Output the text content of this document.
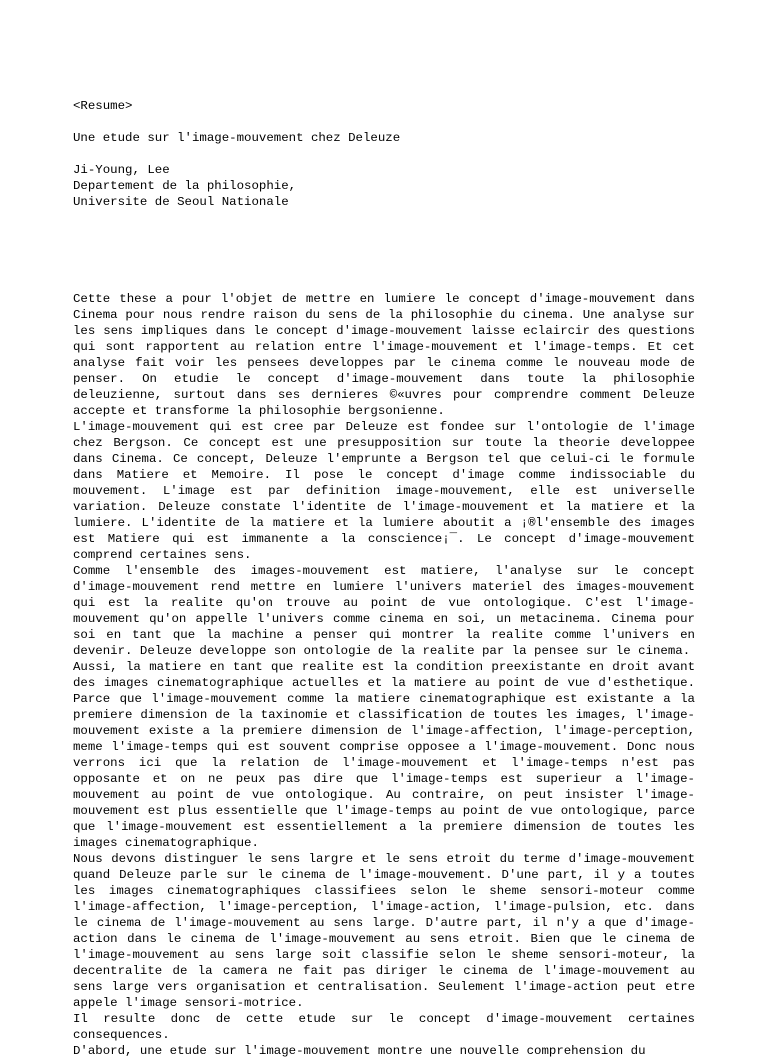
<Resume>
Une etude sur l'image-mouvement chez Deleuze
Ji-Young, Lee
Departement de la philosophie,
Universite de Seoul Nationale
Cette these a pour l'objet de mettre en lumiere le concept d'image-mouvement dans Cinema pour nous rendre raison du sens de la philosophie du cinema. Une analyse sur les sens impliques dans le concept d'image-mouvement laisse eclaircir des questions qui sont rapportent au relation entre l'image-mouvement et l'image-temps. Et cet analyse fait voir les pensees developpes par le cinema comme le nouveau mode de penser. On etudie le concept d'image-mouvement dans toute la philosophie deleuzienne, surtout dans ses dernieres ©«uvres pour comprendre comment Deleuze accepte et transforme la philosophie bergsonienne.
L'image-mouvement qui est cree par Deleuze est fondee sur l'ontologie de l'image chez Bergson. Ce concept est une presupposition sur toute la theorie developpee dans Cinema. Ce concept, Deleuze l'emprunte a Bergson tel que celui-ci le formule dans Matiere et Memoire. Il pose le concept d'image comme indissociable du mouvement. L'image est par definition image-mouvement, elle est universelle variation. Deleuze constate l'identite de l'image-mouvement et la matiere et la lumiere. L'identite de la matiere et la lumiere aboutit a ¡®l'ensemble des images est Matiere qui est immanente a la conscience¡¯. Le concept d'image-mouvement comprend certaines sens.
Comme l'ensemble des images-mouvement est matiere, l'analyse sur le concept d'image-mouvement rend mettre en lumiere l'univers materiel des images-mouvement qui est la realite qu'on trouve au point de vue ontologique. C'est l'image-mouvement qu'on appelle l'univers comme cinema en soi, un metacinema. Cinema pour soi en tant que la machine a penser qui montrer la realite comme l'univers en devenir. Deleuze developpe son ontologie de la realite par la pensee sur le cinema.
Aussi, la matiere en tant que realite est la condition preexistante en droit avant des images cinematographique actuelles et la matiere au point de vue d'esthetique. Parce que l'image-mouvement comme la matiere cinematographique est existante a la premiere dimension de la taxinomie et classification de toutes les images, l'image-mouvement existe a la premiere dimension de l'image-affection, l'image-perception, meme l'image-temps qui est souvent comprise opposee a l'image-mouvement. Donc nous verrons ici que la relation de l'image-mouvement et l'image-temps n'est pas opposante et on ne peux pas dire que l'image-temps est superieur a l'image-mouvement au point de vue ontologique. Au contraire, on peut insister l'image-mouvement est plus essentielle que l'image-temps au point de vue ontologique, parce que l'image-mouvement est essentiellement a la premiere dimension de toutes les images cinematographique.
Nous devons distinguer le sens largre et le sens etroit du terme d'image-mouvement quand Deleuze parle sur le cinema de l'image-mouvement. D'une part, il y a toutes les images cinematographiques classifiees selon le sheme sensori-moteur comme l'image-affection, l'image-perception, l'image-action, l'image-pulsion, etc. dans le cinema de l'image-mouvement au sens large. D'autre part, il n'y a que d'image-action dans le cinema de l'image-mouvement au sens etroit. Bien que le cinema de l'image-mouvement au sens large soit classifie selon le sheme sensori-moteur, la decentralite de la camera ne fait pas diriger le cinema de l'image-mouvement au sens large vers organisation et centralisation. Seulement l'image-action peut etre appele l'image sensori-motrice.
Il resulte donc de cette etude sur le concept d'image-mouvement certaines consequences.
D'abord, une etude sur l'image-mouvement montre une nouvelle comprehension du
